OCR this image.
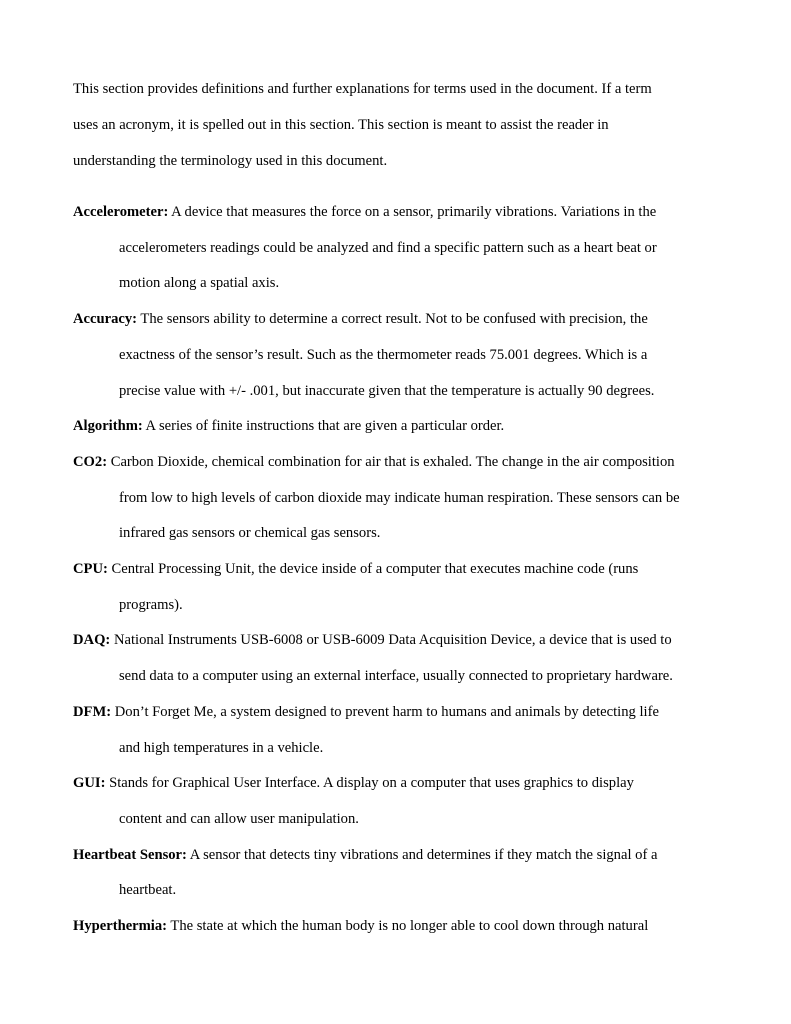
This section provides definitions and further explanations for terms used in the document. If a term
uses an acronym, it is spelled out in this section. This section is meant to assist the reader in
understanding the terminology used in this document.

Accelerometer: A device that measures the force on a sensor, primarily vibrations. Variations in the
accelerometers readings could be analyzed and find a specific pattern such as a heart beat or
motion along a spatial axis.
Accuracy: The sensors ability to determine a correct result. Not to be confused with precision, the
exactness of the sensor’s result. Such as the thermometer reads 75.001 degrees. Which is a
precise value with +/- .001, but inaccurate given that the temperature is actually 90 degrees.
Algorithm: A series of finite instructions that are given a particular order.
CO2: Carbon Dioxide, chemical combination for air that is exhaled. The change in the air composition
from low to high levels of carbon dioxide may indicate human respiration. These sensors can be
infrared gas sensors or chemical gas sensors.
CPU: Central Processing Unit, the device inside of a computer that executes machine code (runs
programs).
DAQ: National Instruments USB-6008 or USB-6009 Data Acquisition Device, a device that is used to
send data to a computer using an external interface, usually connected to proprietary hardware.
DFM: Don’t Forget Me, a system designed to prevent harm to humans and animals by detecting life
and high temperatures in a vehicle.
GUI: Stands for Graphical User Interface. A display on a computer that uses graphics to display
content and can allow user manipulation.
Heartbeat Sensor: A sensor that detects tiny vibrations and determines if they match the signal of a
heartbeat.
Hyperthermia: The state at which the human body is no longer able to cool down through natural
